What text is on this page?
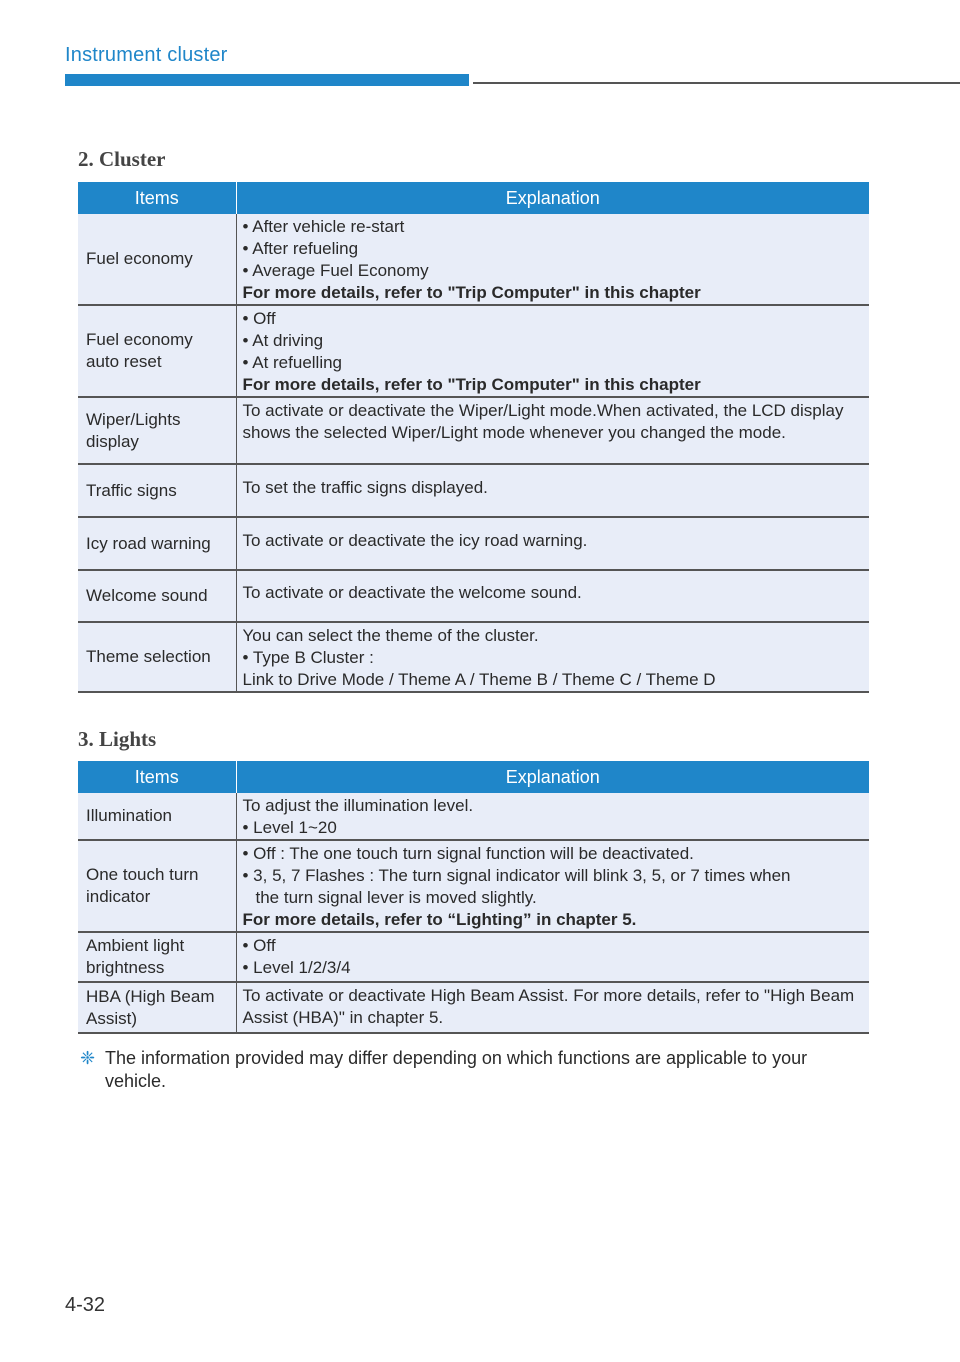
Instrument cluster
2. Cluster
Items	Explanation
Fuel economy	• After vehicle re-start
• After refueling
• Average Fuel Economy
For more details, refer to "Trip Computer" in this chapter

Fuel economy auto reset	• Off
• At driving
• At refuelling
For more details, refer to "Trip Computer" in this chapter

Wiper/Lights display	To activate or deactivate the Wiper/Light mode.When activated, the LCD display shows the selected Wiper/Light mode whenever you changed the mode.

Traffic signs	To set the traffic signs displayed.

Icy road warning	To activate or deactivate the icy road warning.

Welcome sound	To activate or deactivate the welcome sound.

Theme selection	You can select the theme of the cluster.
• Type B Cluster :
Link to Drive Mode / Theme A / Theme B / Theme C / Theme D
3. Lights
Items	Explanation
Illumination	To adjust the illumination level.
• Level 1~20

One touch turn indicator	• Off : The one touch turn signal function will be deactivated.
• 3, 5, 7 Flashes : The turn signal indicator will blink 3, 5, or 7 times when
the turn signal lever is moved slightly.
For more details, refer to “Lighting” in chapter 5.

Ambient light brightness	• Off
• Level 1/2/3/4

HBA (High Beam Assist)	To activate or deactivate High Beam Assist. For more details, refer to "High Beam Assist (HBA)" in chapter 5.
❈ The information provided may differ depending on which functions are applicable to your vehicle.
4-32
